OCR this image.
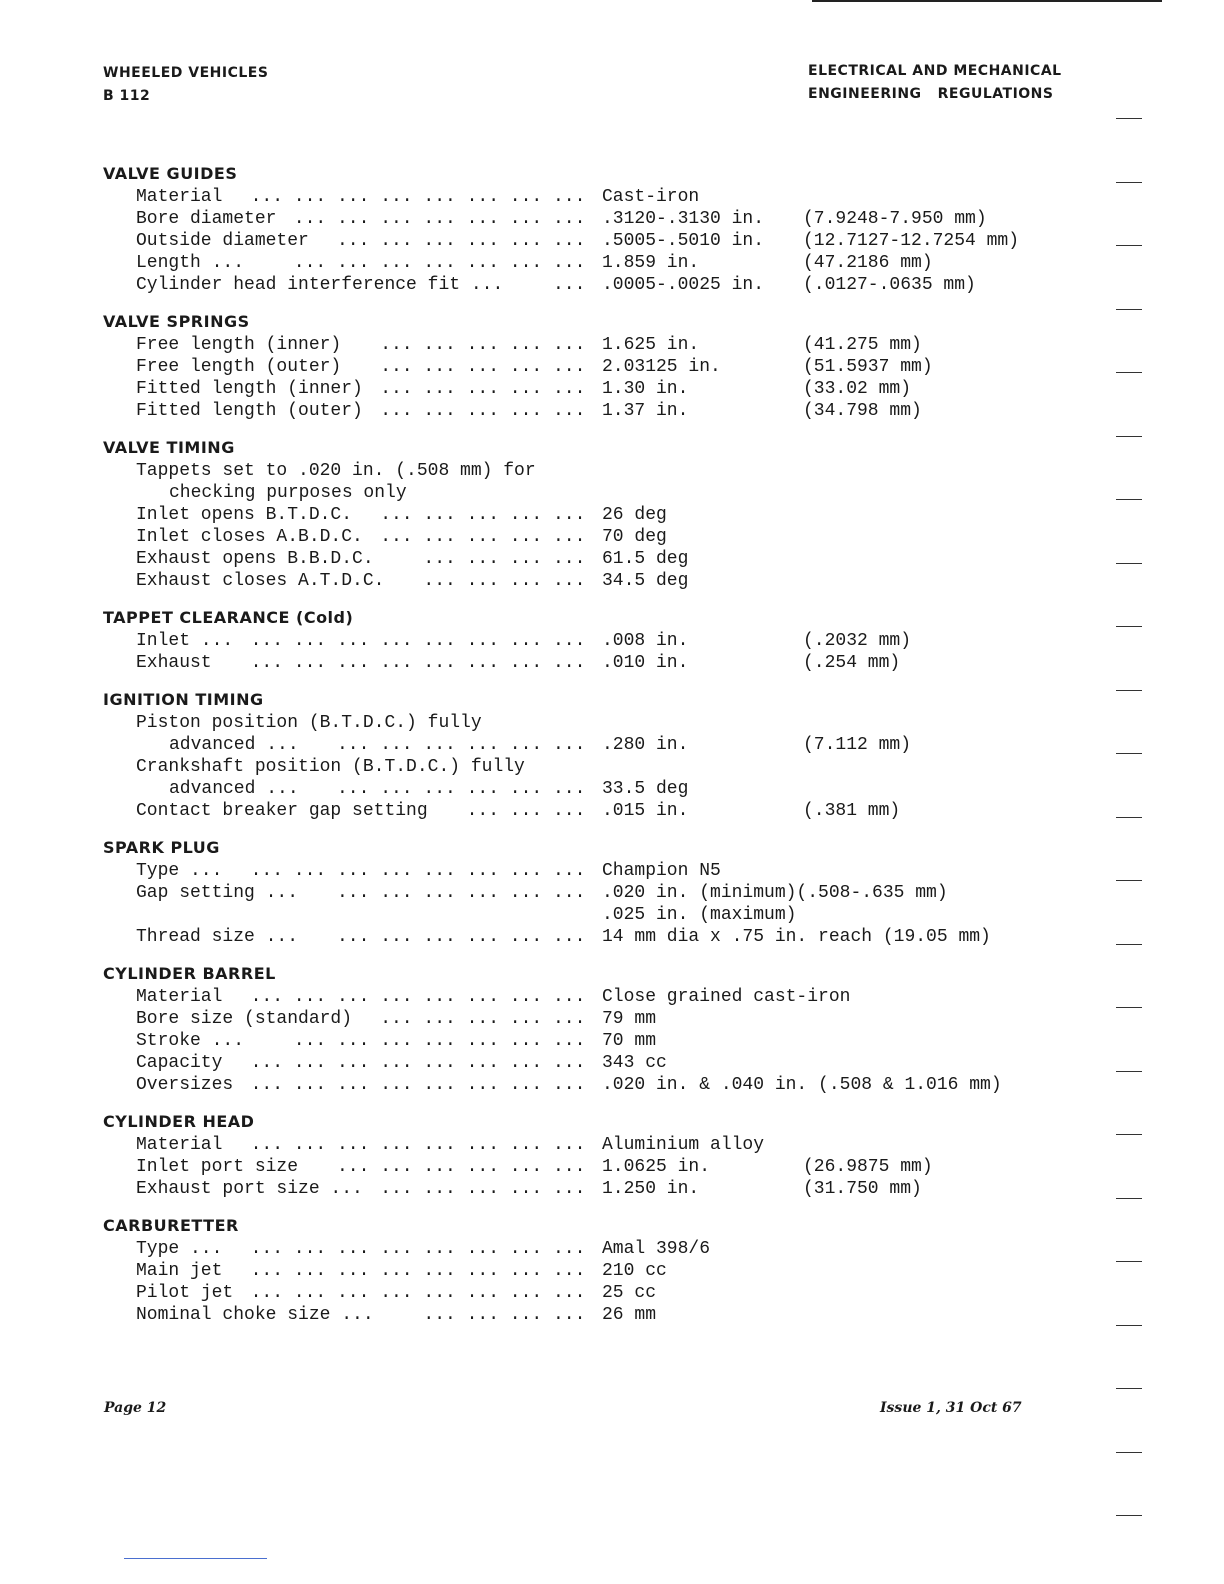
WHEELED VEHICLES
B 112
ELECTRICAL AND MECHANICAL
ENGINEERING   REGULATIONS
VALVE GUIDES
Material ... ... ... ... ... ... ... ... Cast-iron
Bore diameter ... ... ... ... ... ... ... .3120-.3130 in. (7.9248-7.950 mm)
Outside diameter ... ... ... ... ... ... .5005-.5010 in. (12.7127-12.7254 mm)
Length ...	... ... ... ... ... ... ... 1.859 in.	(47.2186 mm)
Cylinder head interference fit ...	... .0005-.0025 in. (.0127-.0635 mm)
VALVE SPRINGS
Free length (inner) ... ... ... ... ... 1.625 in.	(41.275 mm)
Free length (outer) ... ... ... ... ... 2.03125 in.	(51.5937 mm)
Fitted length (inner) ... ... ... ... ... 1.30 in.	(33.02 mm)
Fitted length (outer) ... ... ... ... ... 1.37 in.	(34.798 mm)
VALVE TIMING
Tappets set to .020 in. (.508 mm) for
checking purposes only
Inlet opens B.T.D.C. ... ... ... ... ... 26 deg
Inlet closes A.B.D.C. ... ... ... ... ... 70 deg
Exhaust opens B.B.D.C.	... ... ... ... 61.5 deg
Exhaust closes A.T.D.C. ... ... ... ... 34.5 deg
TAPPET CLEARANCE (Cold)
Inlet ... ... ... ... ... ... ... ... ... .008 in.	(.2032 mm)
Exhaust ... ... ... ... ... ... ... ... .010 in.	(.254 mm)
IGNITION TIMING
Piston position (B.T.D.C.) fully
advanced ... ... ... ... ... ... ... .280 in.	(7.112 mm)
Crankshaft position (B.T.D.C.) fully
advanced ... ... ... ... ... ... ... 33.5 deg
Contact breaker gap setting ... ... ... .015 in.	(.381 mm)
SPARK PLUG
Type ... ... ... ... ... ... ... ... ... Champion N5
Gap setting ... ... ... ... ... ... ... .020 in. (minimum)(.508-.635 mm)
.025 in. (maximum)
Thread size ... ... ... ... ... ... ... 14 mm dia x .75 in. reach (19.05 mm)
CYLINDER BARREL
Material ... ... ... ... ... ... ... ... Close grained cast-iron
Bore size (standard) ... ... ... ... ... 79 mm
Stroke ...	... ... ... ... ... ... ... 70 mm
Capacity ... ... ... ... ... ... ... ... 343 cc
Oversizes ... ... ... ... ... ... ... ... .020 in. & .040 in. (.508 & 1.016 mm)
CYLINDER HEAD
Material ... ... ... ... ... ... ... ... Aluminium alloy
Inlet port size ... ... ... ... ... ... 1.0625 in.	(26.9875 mm)
Exhaust port size ... ... ... ... ... ... 1.250 in.	(31.750 mm)
CARBURETTER
Type ... ... ... ... ... ... ... ... ... Amal 398/6
Main jet ... ... ... ... ... ... ... ... 210 cc
Pilot jet ... ... ... ... ... ... ... ... 25 cc
Nominal choke size ...	... ... ... ... 26 mm
Page 12	Issue 1, 31 Oct 67
